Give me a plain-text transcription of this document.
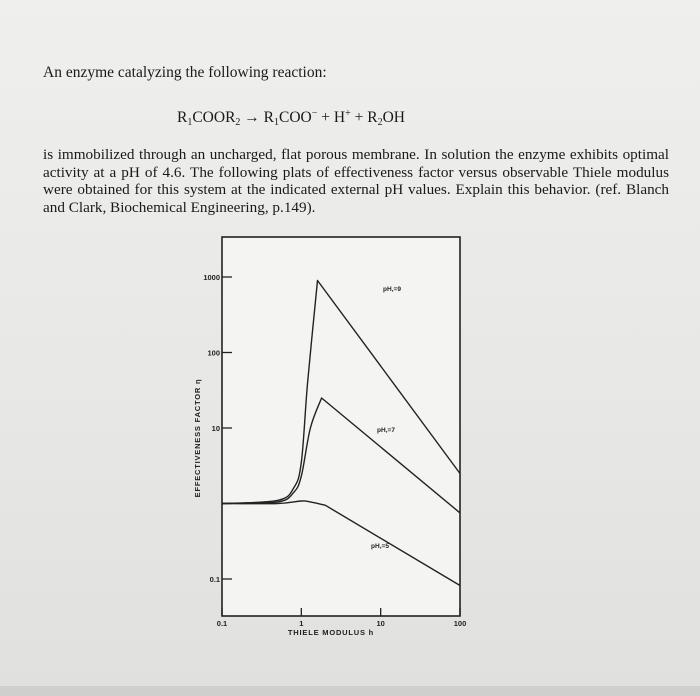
An enzyme catalyzing the following reaction:
$R_1COOR_2 \to R_1COO^- + H^+ + R_2OH$
is immobilized through an uncharged, flat porous membrane. In solution the enzyme exhibits optimal activity at a pH of 4.6. The following plats of effectiveness factor versus observable Thiele modulus were obtained for this system at the indicated external pH values. Explain this behavior. (ref. Blanch and Clark, Biochemical Engineering, p.149).
1000
100
10
0.1
0.1	1	10	100
THIELE MODULUS h
EFFECTIVENESS FACTOR η
pH,=9
pH,=7
pH,=5
